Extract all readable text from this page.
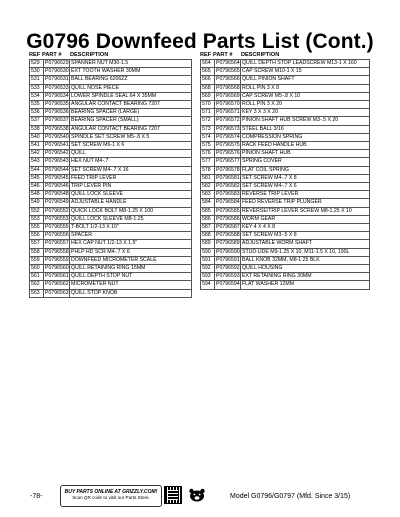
G0796 Downfeed Parts List (Cont.)
REF PART #	DESCRIPTION
529	P0796529	SPANNER NUT M30-1.5
530	P0796530	EXT TOOTH WASHER 30MM
531	P0796531	BALL BEARING 6206ZZ
533	P0796533	QUILL NOSE PIECE
534	P0796534	LOWER SPINDLE SEAL 64 X 35MM
535	P0796535	ANGULAR CONTACT BEARING 7207
536	P0796536	BEARING SPACER (LARGE)
537	P0796537	BEARING SPACER (SMALL)
538	P0796538	ANGULAR CONTACT BEARING 7207
540	P0796540	SPINDLE SET SCREW M5-.8 X 5
541	P0796541	SET SCREW M6-1 X 6
542	P0796542	QUILL
543	P0796543	HEX NUT M4-.7
544	P0796544	SET SCREW M4-.7 X 16
545	P0796545	FEED TRIP LEVER
546	P0796546	TRIP LEVER PIN
548	P0796548	QUILL LOCK SLEEVE
549	P0796549	ADJUSTABLE HANDLE
552	P0796552	QUICK LOCK BOLT M8-1.25 X 100
553	P0796553	QUILL LOCK SLEEVE M8-1.25
555	P0796555	T-BOLT 1/2-13 X 10"
556	P0796556	SPACER
557	P0796557	HEX CAP NUT 1/2-13 X 1.5"
558	P0796558	PHLP HD SCR M4-.7 X 6
559	P0796559	DOWNFEED MICROMETER SCALE
560	P0796560	QUILL RETAINING RING 15MM
561	P0796561	QUILL DEPTH STOP NUT
562	P0796562	MICROMETER NUT
563	P0796563	QUILL STOP KNOB
REF PART #	DESCRIPTION
564	P0796564	QUILL DEPTH STOP LEADSCREW M13-1 X 160
565	P0796565	CAP SCREW M10-1 X 15
566	P0796566	QUILL PINION SHAFT
568	P0796568	ROLL PIN 3 X 8
569	P0796569	CAP SCREW M5-.8 X 10
570	P0796570	ROLL PIN 3 X 20
571	P0796571	KEY 3 X 3 X 20
572	P0796572	PINION SHAFT HUB SCREW M3-.5 X 20
573	P0796573	STEEL BALL 3/16
574	P0796574	COMPRESSION SPRING
575	P0796575	RACK FEED HANDLE HUB
576	P0796576	PINION SHAFT HUB
577	P0796577	SPRING COVER
578	P0796578	FLAT COIL SPRING
581	P0796581	SET SCREW M4-.7 X 8
582	P0796582	SET SCREW M4-.7 X 6
583	P0796583	REVERSE TRIP LEVER
584	P0796584	FEED REVERSE TRIP PLUNGER
585	P0796585	REVERSE/TRIP LEVER SCREW M8-1.25 X 10
586	P0796586	WORM GEAR
587	P0796587	KEY 4 X 4 X 8
588	P0796588	SET SCREW M3-.5 X 8
589	P0796589	ADJUSTABLE WORM SHAFT
590	P0796590	STUD-UDE M9-1.25 X 10, M11-1.5 X 10, 190L
591	P0796591	BALL KNOB 32MM, M8-1.25 BLK
592	P0796592	QUILL HOUSING
593	P0796593	EXT RETAINING RING 30MM
594	P0796594	FLAT WASHER 12MM
-78-
BUY PARTS ONLINE AT GRIZZLY.COM!
Scan QR code to visit our Parts Store.	Model G0796/G0797 (Mfd. Since 3/15)
